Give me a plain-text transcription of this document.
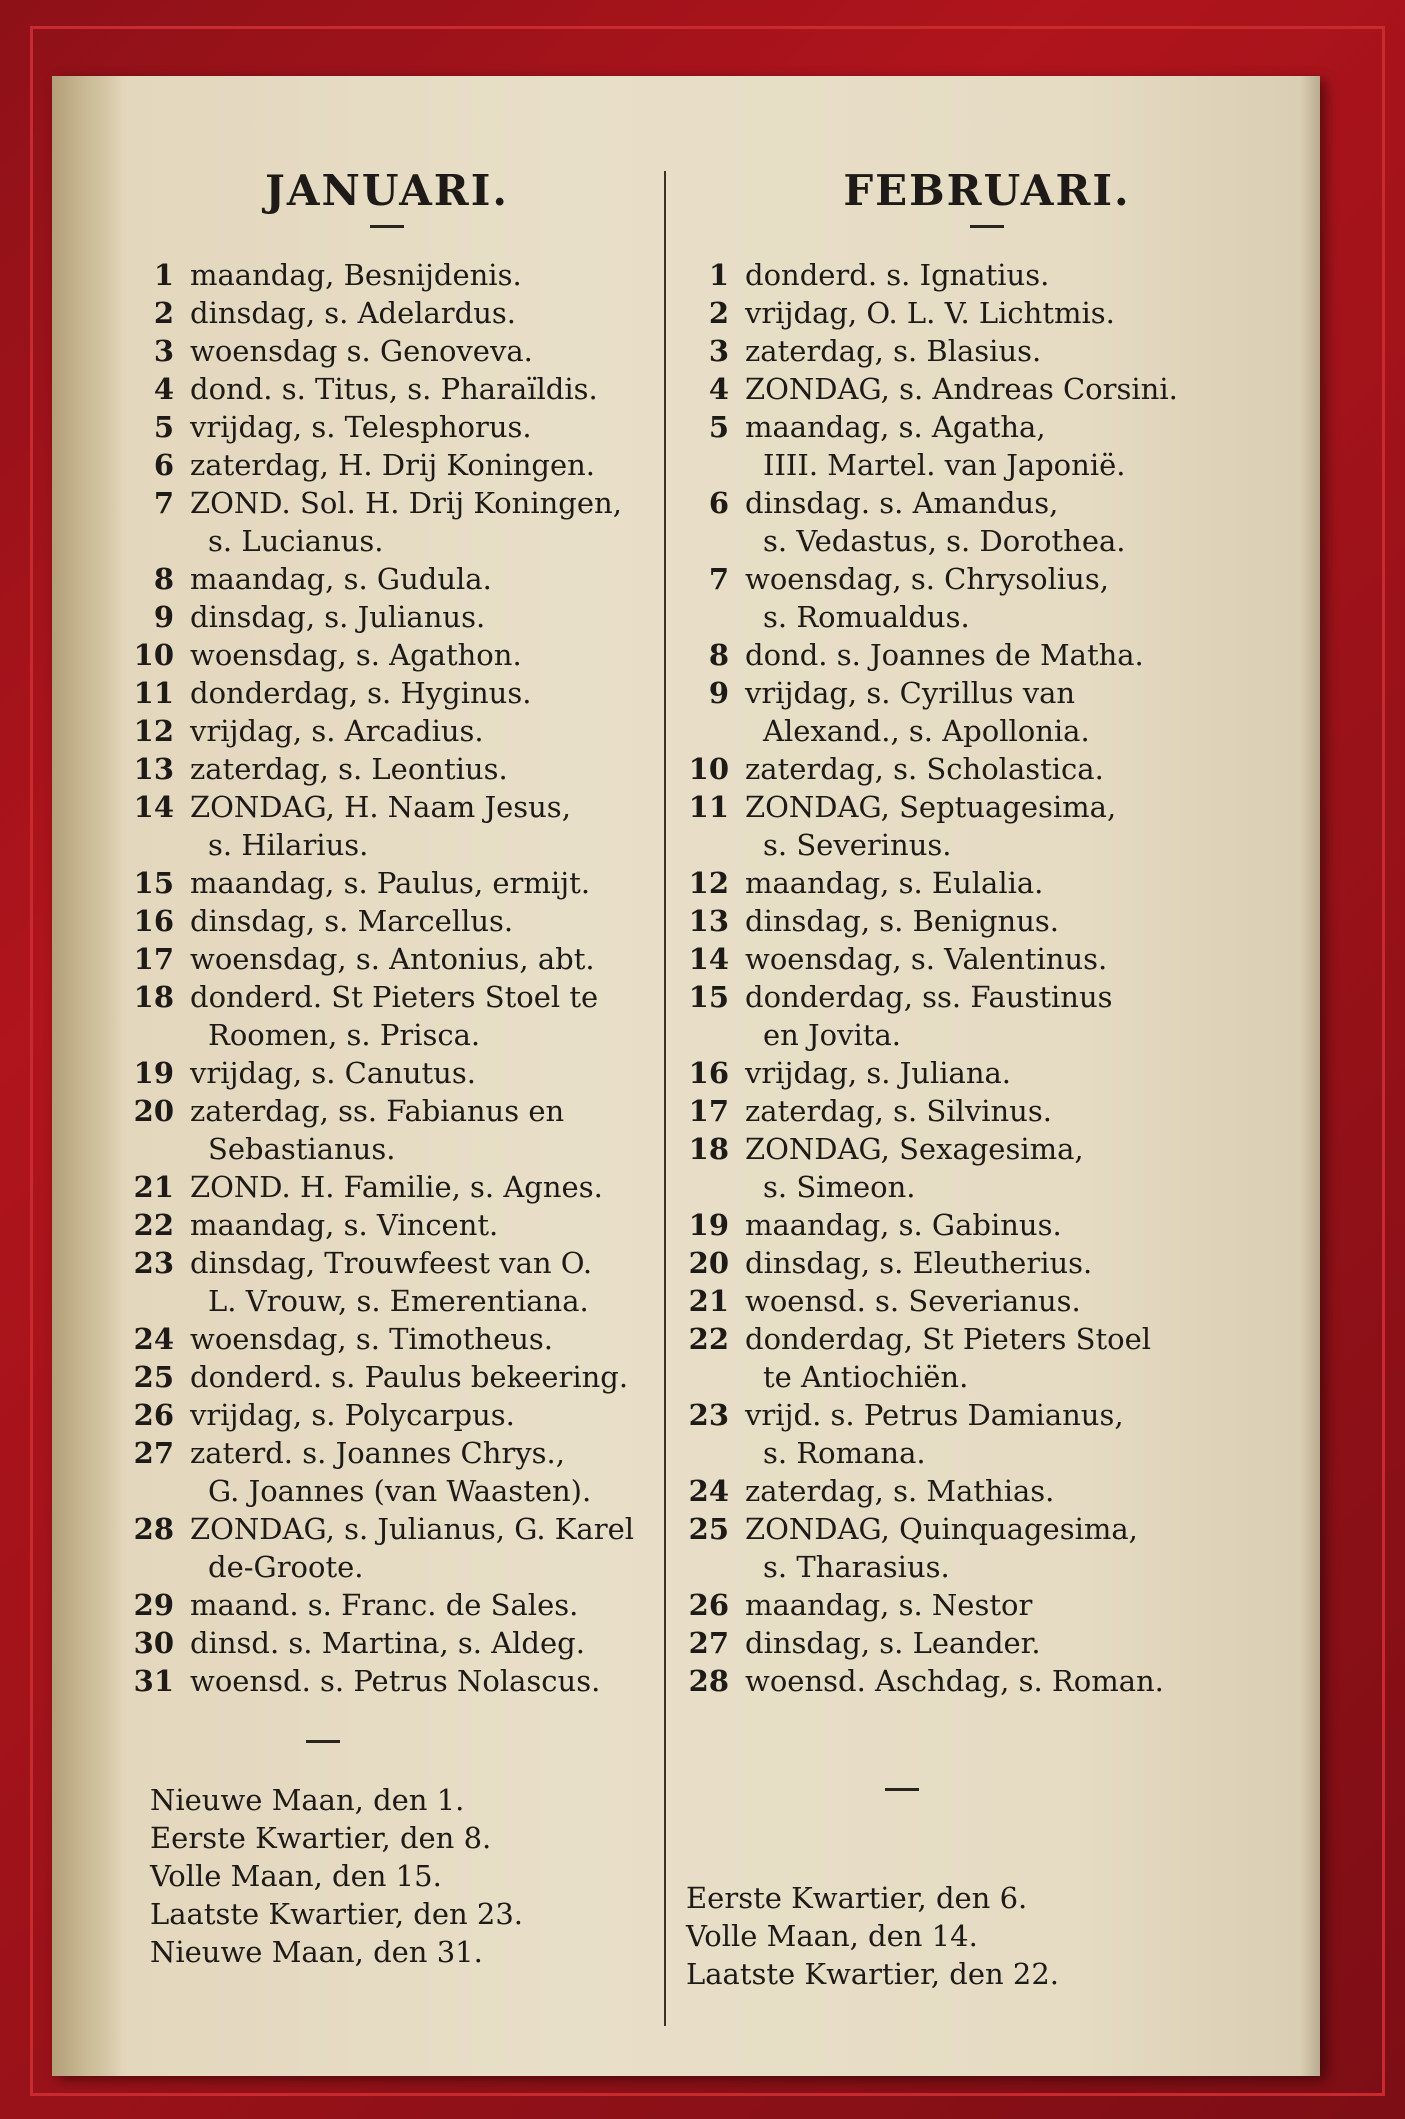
JANUARI.
1 maandag, Besnijdenis.
2 dinsdag, s. Adelardus.
3 woensdag s. Genoveva.
4 dond. s. Titus, s. Pharaïldis.
5 vrijdag, s. Telesphorus.
6 zaterdag, H. Drij Koningen.
7 ZOND. Sol. H. Drij Koningen,
s. Lucianus.
8 maandag, s. Gudula.
9 dinsdag, s. Julianus.
10 woensdag, s. Agathon.
11 donderdag, s. Hyginus.
12 vrijdag, s. Arcadius.
13 zaterdag, s. Leontius.
14 ZONDAG, H. Naam Jesus,
s. Hilarius.
15 maandag, s. Paulus, ermijt.
16 dinsdag, s. Marcellus.
17 woensdag, s. Antonius, abt.
18 donderd. St Pieters Stoel te
Roomen, s. Prisca.
19 vrijdag, s. Canutus.
20 zaterdag, ss. Fabianus en
Sebastianus.
21 ZOND. H. Familie, s. Agnes.
22 maandag, s. Vincent.
23 dinsdag, Trouwfeest van O.
L. Vrouw, s. Emerentiana.
24 woensdag, s. Timotheus.
25 donderd. s. Paulus bekeering.
26 vrijdag, s. Polycarpus.
27 zaterd. s. Joannes Chrys.,
G. Joannes (van Waasten).
28 ZONDAG, s. Julianus, G. Karel
de-Groote.
29 maand. s. Franc. de Sales.
30 dinsd. s. Martina, s. Aldeg.
31 woensd. s. Petrus Nolascus.
Nieuwe Maan, den 1.
Eerste Kwartier, den 8.
Volle Maan, den 15.
Laatste Kwartier, den 23.
Nieuwe Maan, den 31.
FEBRUARI.
1 donderd. s. Ignatius.
2 vrijdag, O. L. V. Lichtmis.
3 zaterdag, s. Blasius.
4 ZONDAG, s. Andreas Corsini.
5 maandag, s. Agatha,
IIII. Martel. van Japonië.
6 dinsdag. s. Amandus,
s. Vedastus, s. Dorothea.
7 woensdag, s. Chrysolius,
s. Romualdus.
8 dond. s. Joannes de Matha.
9 vrijdag, s. Cyrillus van
Alexand., s. Apollonia.
10 zaterdag, s. Scholastica.
11 ZONDAG, Septuagesima,
s. Severinus.
12 maandag, s. Eulalia.
13 dinsdag, s. Benignus.
14 woensdag, s. Valentinus.
15 donderdag, ss. Faustinus
en Jovita.
16 vrijdag, s. Juliana.
17 zaterdag, s. Silvinus.
18 ZONDAG, Sexagesima,
s. Simeon.
19 maandag, s. Gabinus.
20 dinsdag, s. Eleutherius.
21 woensd. s. Severianus.
22 donderdag, St Pieters Stoel
te Antiochiën.
23 vrijd. s. Petrus Damianus,
s. Romana.
24 zaterdag, s. Mathias.
25 ZONDAG, Quinquagesima,
s. Tharasius.
26 maandag, s. Nestor
27 dinsdag, s. Leander.
28 woensd. Aschdag, s. Roman.
Eerste Kwartier, den 6.
Volle Maan, den 14.
Laatste Kwartier, den 22.
